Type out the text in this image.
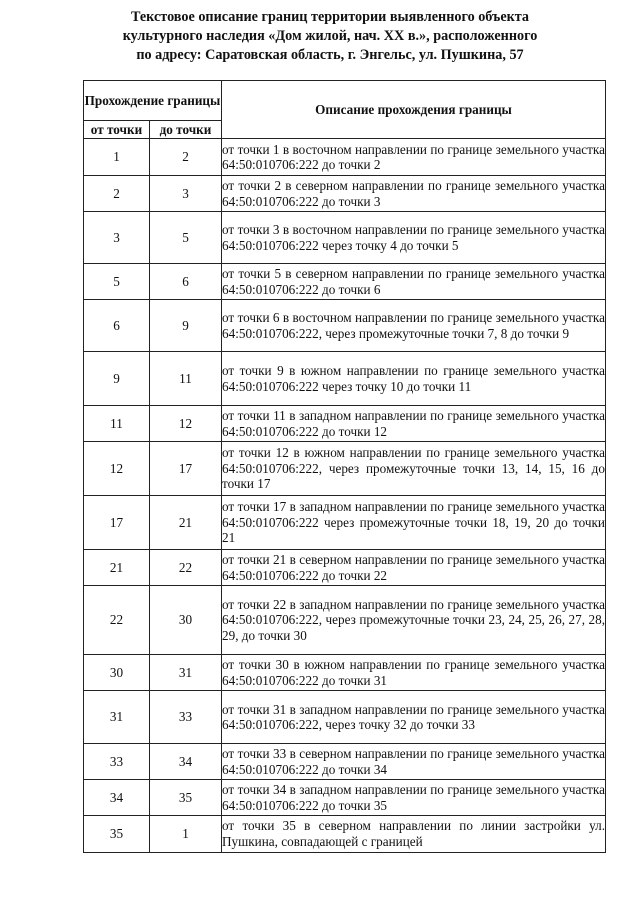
Текстовое описание границ территории выявленного объекта
культурного наследия «Дом жилой, нач. XX в.», расположенного
по адресу: Саратовская область, г. Энгельс, ул. Пушкина, 57
Прохождение границы		Описание прохождения границы
от точки	до точки	
1	2	от точки 1 в восточном направлении по границе земельного участка 64:50:010706:222 до точки 2
2	3	от точки 2 в северном направлении по границе земельного участка 64:50:010706:222 до точки 3
3	5	от точки 3 в восточном направлении по границе земельного участка 64:50:010706:222 через точку 4 до точки 5
5	6	от точки 5 в северном направлении по границе земельного участка 64:50:010706:222 до точки 6
6	9	от точки 6 в восточном направлении по границе земельного участка 64:50:010706:222, через промежуточные точки 7, 8 до точки 9
9	11	от точки 9 в южном направлении по границе земельного участка 64:50:010706:222 через точку 10 до точки 11
11	12	от точки 11 в западном направлении по границе земельного участка 64:50:010706:222 до точки 12
12	17	от точки 12 в южном направлении по границе земельного участка 64:50:010706:222, через промежуточные точки 13, 14, 15, 16 до точки 17
17	21	от точки 17 в западном направлении по границе земельного участка 64:50:010706:222 через промежуточные точки 18, 19, 20 до точки 21
21	22	от точки 21 в северном направлении по границе земельного участка 64:50:010706:222 до точки 22
22	30	от точки 22 в западном направлении по границе земельного участка 64:50:010706:222, через промежуточные точки 23, 24, 25, 26, 27, 28, 29, до точки 30
30	31	от точки 30 в южном направлении по границе земельного участка 64:50:010706:222 до точки 31
31	33	от точки 31 в западном направлении по границе земельного участка 64:50:010706:222, через точку 32 до точки 33
33	34	от точки 33 в северном направлении по границе земельного участка 64:50:010706:222 до точки 34
34	35	от точки 34 в западном направлении по границе земельного участка 64:50:010706:222 до точки 35
35	1	от точки 35 в северном направлении по линии застройки ул. Пушкина, совпадающей с границей
